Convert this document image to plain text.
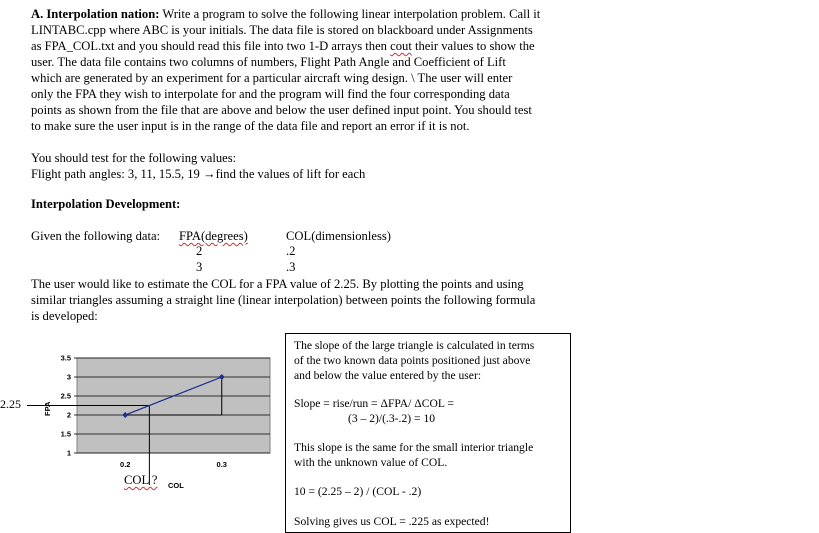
A. Interpolation nation: Write a program to solve the following linear interpolation problem. Call it
LINTABC.cpp where ABC is your initials. The data file is stored on blackboard under Assignments
as FPA_COL.txt and you should read this file into two 1-D arrays then cout their values to show the
user. The data file contains two columns of numbers, Flight Path Angle and Coefficient of Lift
which are generated by an experiment for a particular aircraft wing design. \ The user will enter
only the FPA they wish to interpolate for and the program will find the four corresponding data
points as shown from the file that are above and below the user defined input point. You should test
to make sure the user input is in the range of the data file and report an error if it is not.
You should test for the following values:
Flight path angles: 3, 11, 15.5, 19 →find the values of lift for each
Interpolation Development:
Given the following data: FPA(degrees)	COL(dimensionless)
2	.2
3	.3
The user would like to estimate the COL for a FPA value of 2.25. By plotting the points and using
similar triangles assuming a straight line (linear interpolation) between points the following formula
is developed:
3.5
3
2.5
2
1.5
1
0.2	0.3
FPA
COL
2.25
COL ?
The slope of the large triangle is calculated in terms
of the two known data points positioned just above
and below the value entered by the user:
Slope = rise/run = ΔFPA/ ΔCOL =
(3 – 2)/(.3-.2) = 10
This slope is the same for the small interior triangle
with the unknown value of COL.
10 = (2.25 – 2) / (COL - .2)
Solving gives us COL = .225 as expected!
